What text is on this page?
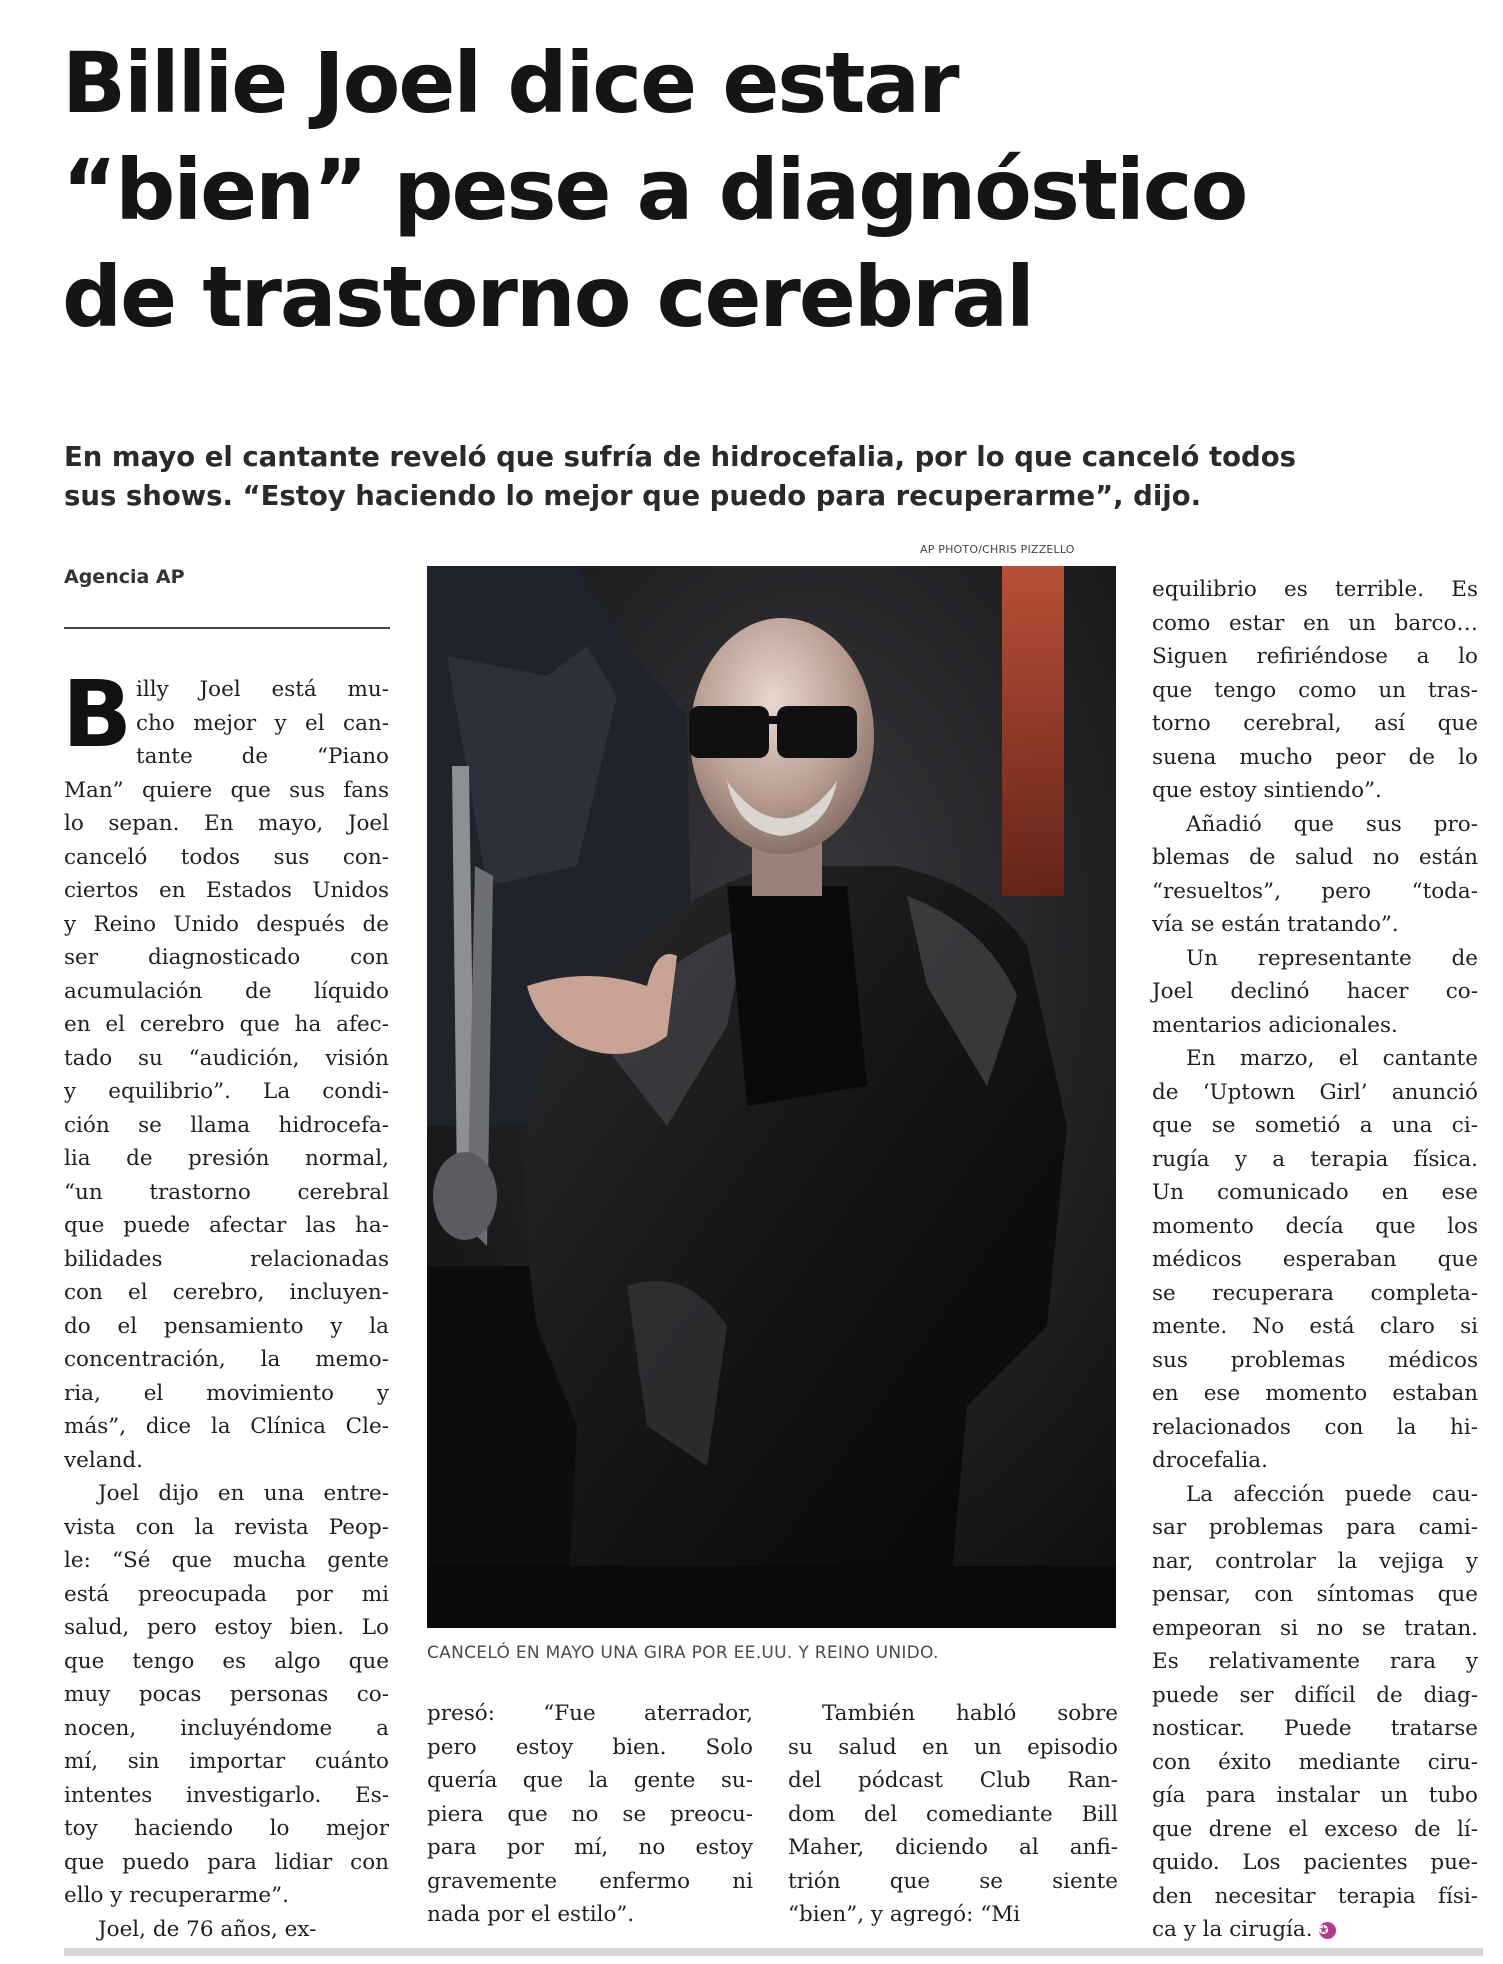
Billie Joel dice estar
“bien” pese a diagnóstico
de trastorno cerebral

En mayo el cantante reveló que sufría de hidrocefalia, por lo que canceló todos
sus shows. “Estoy haciendo lo mejor que puedo para recuperarme”, dijo.

Agencia AP
AP PHOTO/CHRIS PIZZELLO
CANCELÓ EN MAYO UNA GIRA POR EE.UU. Y REINO UNIDO.
B illy Joel está mu-
cho mejor y el can-
tante de “Piano
Man” quiere que sus fans
lo sepan. En mayo, Joel
canceló todos sus con-
ciertos en Estados Unidos
y Reino Unido después de
ser diagnosticado con
acumulación de líquido
en el cerebro que ha afec-
tado su “audición, visión
y equilibrio”. La condi-
ción se llama hidrocefa-
lia de presión normal,
“un trastorno cerebral
que puede afectar las ha-
bilidades relacionadas
con el cerebro, incluyen-
do el pensamiento y la
concentración, la memo-
ria, el movimiento y
más”, dice la Clínica Cle-
veland.
Joel dijo en una entre-
vista con la revista Peop-
le: “Sé que mucha gente
está preocupada por mi
salud, pero estoy bien. Lo
que tengo es algo que
muy pocas personas co-
nocen, incluyéndome a
mí, sin importar cuánto
intentes investigarlo. Es-
toy haciendo lo mejor
que puedo para lidiar con
ello y recuperarme”.
Joel, de 76 años, ex-
presó: “Fue aterrador,
pero estoy bien. Solo
quería que la gente su-
piera que no se preocu-
para por mí, no estoy
gravemente enfermo ni
nada por el estilo”.
También habló sobre
su salud en un episodio
del pódcast Club Ran-
dom del comediante Bill
Maher, diciendo al anfi-
trión que se siente
“bien”, y agregó: “Mi
equilibrio es terrible. Es
como estar en un barco…
Siguen refiriéndose a lo
que tengo como un tras-
torno cerebral, así que
suena mucho peor de lo
que estoy sintiendo”.
Añadió que sus pro-
blemas de salud no están
“resueltos”, pero “toda-
vía se están tratando”.
Un representante de
Joel declinó hacer co-
mentarios adicionales.
En marzo, el cantante
de ‘Uptown Girl’ anunció
que se sometió a una ci-
rugía y a terapia física.
Un comunicado en ese
momento decía que los
médicos esperaban que
se recuperara completa-
mente. No está claro si
sus problemas médicos
en ese momento estaban
relacionados con la hi-
drocefalia.
La afección puede cau-
sar problemas para cami-
nar, controlar la vejiga y
pensar, con síntomas que
empeoran si no se tratan.
Es relativamente rara y
puede ser difícil de diag-
nosticar. Puede tratarse
con éxito mediante ciru-
gía para instalar un tubo
que drene el exceso de lí-
quido. Los pacientes pue-
den necesitar terapia físi-
ca y la cirugía. ✪
